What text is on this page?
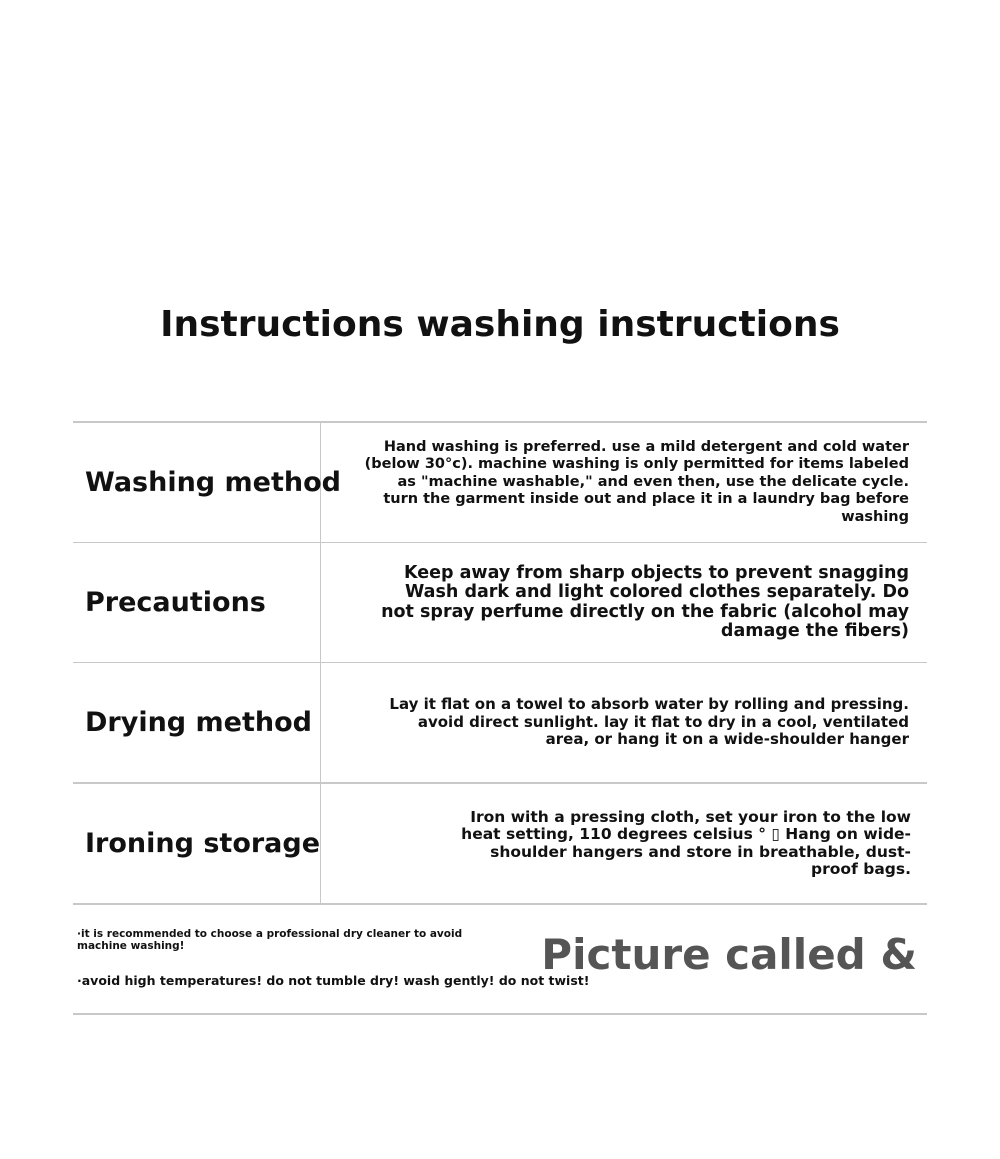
Instructions washing instructions
Washing method

Hand washing is preferred. use a mild detergent and cold water (below 30°c). machine washing is only permitted for items labeled as "machine washable," and even then, use the delicate cycle. turn the garment inside out and place it in a laundry bag before washing

Precautions

Keep away from sharp objects to prevent snagging Wash dark and light colored clothes separately. Do not spray perfume directly on the fabric (alcohol may damage the fibers)

Drying method

Lay it flat on a towel to absorb water by rolling and pressing. avoid direct sunlight. lay it flat to dry in a cool, ventilated area, or hang it on a wide-shoulder hanger

Ironing storage

Iron with a pressing cloth, set your iron to the low heat setting, 110 degrees celsius ° ▯ Hang on wide-shoulder hangers and store in breathable, dust-proof bags.

·it is recommended to choose a professional dry cleaner to avoid machine washing!
·avoid high temperatures! do not tumble dry! wash gently! do not twist!
Picture called &
